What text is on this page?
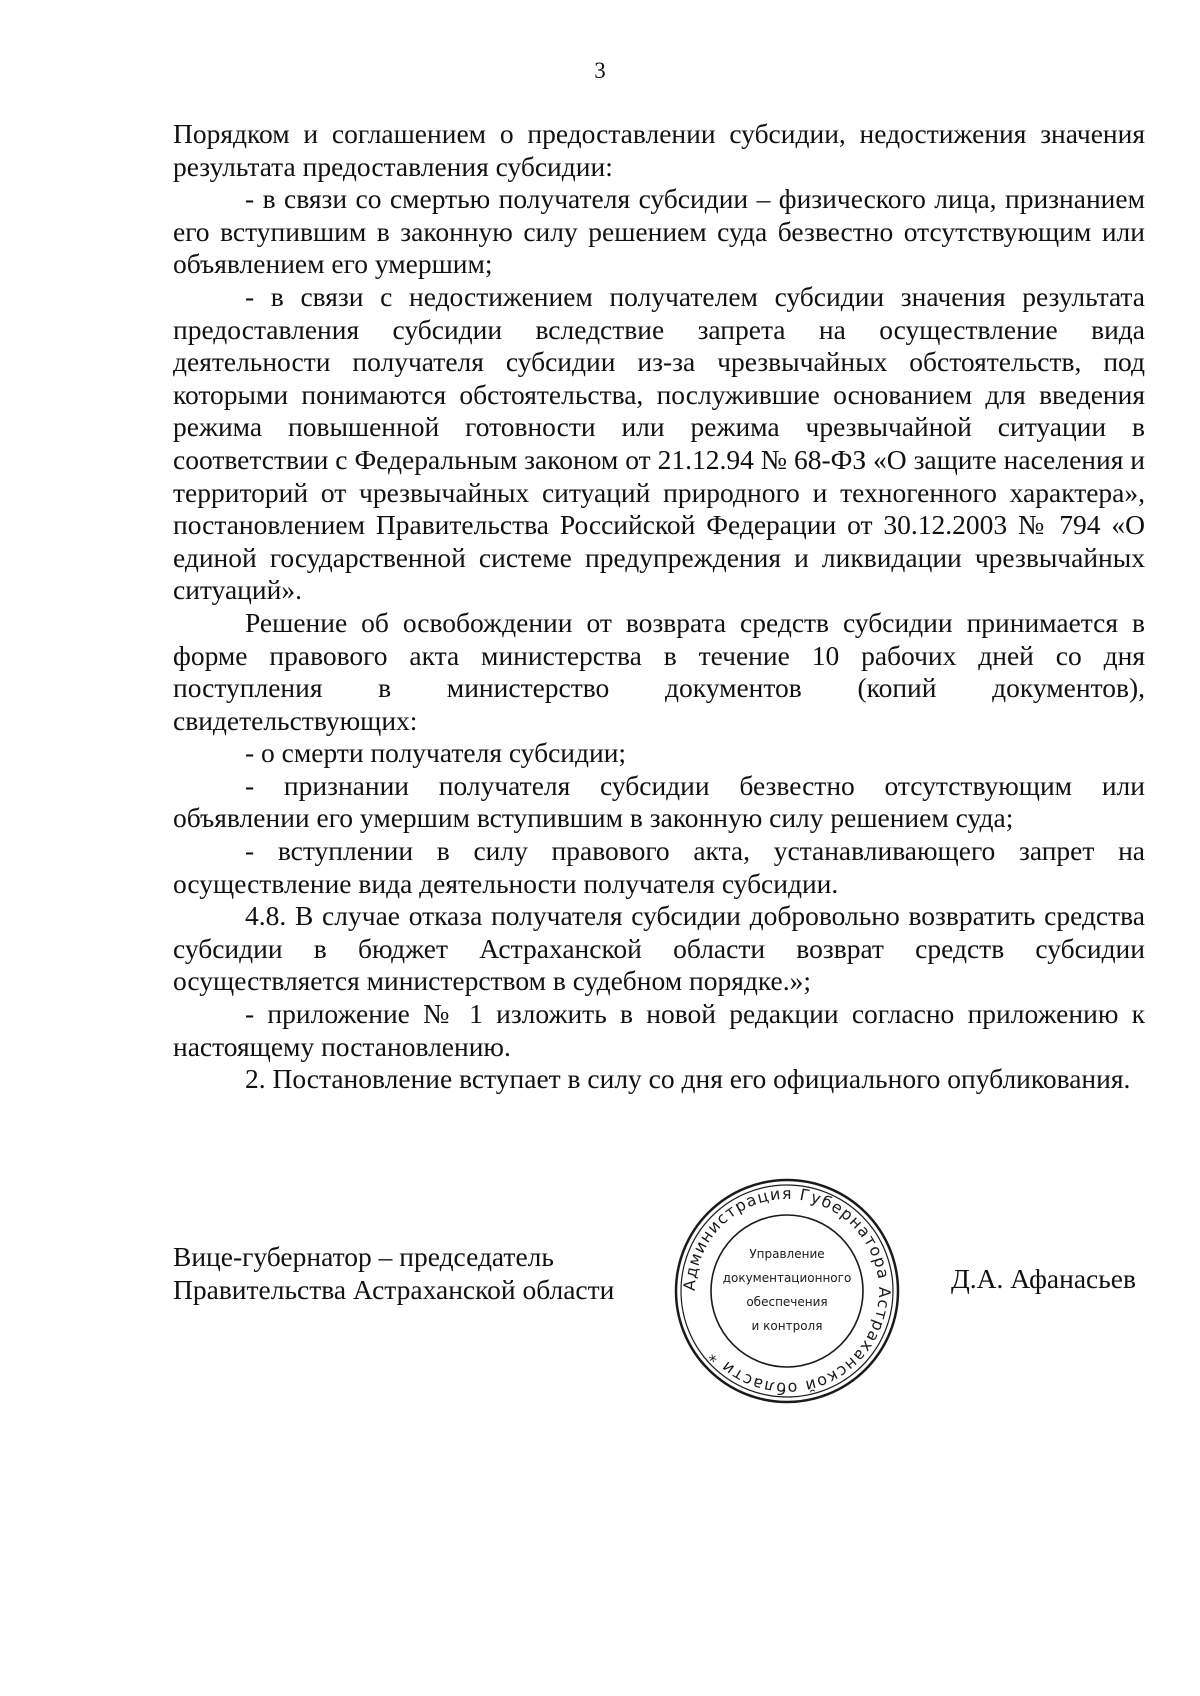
3

Порядком и соглашением о предоставлении субсидии, недостижения значения результата предоставления субсидии:

- в связи со смертью получателя субсидии – физического лица, признанием его вступившим в законную силу решением суда безвестно отсутствующим или объявлением его умершим;

- в связи с недостижением получателем субсидии значения результата предоставления субсидии вследствие запрета на осуществление вида деятельности получателя субсидии из-за чрезвычайных обстоятельств, под которыми понимаются обстоятельства, послужившие основанием для введения режима повышенной готовности или режима чрезвычайной ситуации в соответствии с Федеральным законом от 21.12.94 № 68-ФЗ «О защите населения и территорий от чрезвычайных ситуаций природного и техногенного характера», постановлением Правительства Российской Федерации от 30.12.2003 № 794 «О единой государственной системе предупреждения и ликвидации чрезвычайных ситуаций».

Решение об освобождении от возврата средств субсидии принимается в форме правового акта министерства в течение 10 рабочих дней со дня поступления в министерство документов (копий документов), свидетельствующих:

- о смерти получателя субсидии;

- признании получателя субсидии безвестно отсутствующим или объявлении его умершим вступившим в законную силу решением суда;

- вступлении в силу правового акта, устанавливающего запрет на осуществление вида деятельности получателя субсидии.

4.8. В случае отказа получателя субсидии добровольно возвратить средства субсидии в бюджет Астраханской области возврат средств субсидии осуществляется министерством в судебном порядке.»;

- приложение № 1 изложить в новой редакции согласно приложению к настоящему постановлению.

2. Постановление вступает в силу со дня его официального опубликования.

Вице-губернатор – председатель
Правительства Астраханской области	Администрация Губернатора Астраханской области *
Управление
документационного
обеспечения
и контроля
Д.А. Афанасьев
